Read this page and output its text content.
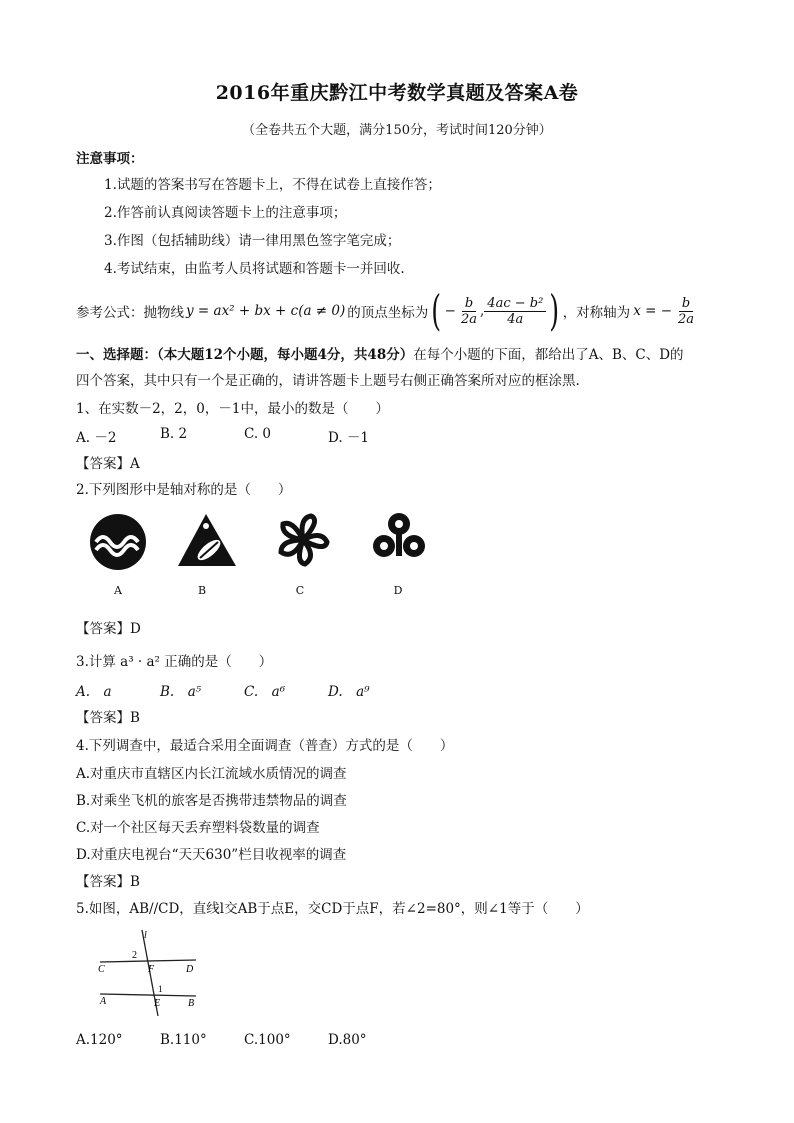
2016年重庆黔江中考数学真题及答案A卷
（全卷共五个大题，满分150分，考试时间120分钟）
注意事项：
1.试题的答案书写在答题卡上，不得在试卷上直接作答；
2.作答前认真阅读答题卡上的注意事项；
3.作图（包括辅助线）请一律用黑色签字笔完成；
4.考试结束，由监考人员将试题和答题卡一并回收.
参考公式：抛物线 y = ax² + bx + c(a ≠ 0) 的顶点坐标为 ( − $\frac{b}{2a}$ , $\frac{\text{4ac − b²}}{4a}$ ) ，对称轴为 x = − $\frac{b}{2a}$
一、选择题：（本大题12个小题，每小题4分，共48分）在每个小题的下面，都给出了A、B、C、D的
四个答案，其中只有一个是正确的，请讲答题卡上题号右侧正确答案所对应的框涂黑.
1、在实数－2，2，0，－1中，最小的数是（　　）
A. －2	B. 2	C. 0	D. －1
【答案】A
2.下列图形中是轴对称的是（　　）
A	B	C	D
【答案】D
3.计算 a³ · a² 正确的是（　　）
A.　a	B.　a⁵	C.　a⁶	D.　a⁹
【答案】B
4.下列调查中，最适合采用全面调查（普查）方式的是（　　）
A.对重庆市直辖区内长江流域水质情况的调查
B.对乘坐飞机的旅客是否携带违禁物品的调查
C.对一个社区每天丢弃塑料袋数量的调查
D.对重庆电视台“天天630”栏目收视率的调查
【答案】B
5.如图，AB//CD，直线l交AB于点E，交CD于点F，若∠2=80°，则∠1等于（　　）
l
2
C	F	D
1
A	E	B
A.120°	B.110°	C.100°	D.80°
